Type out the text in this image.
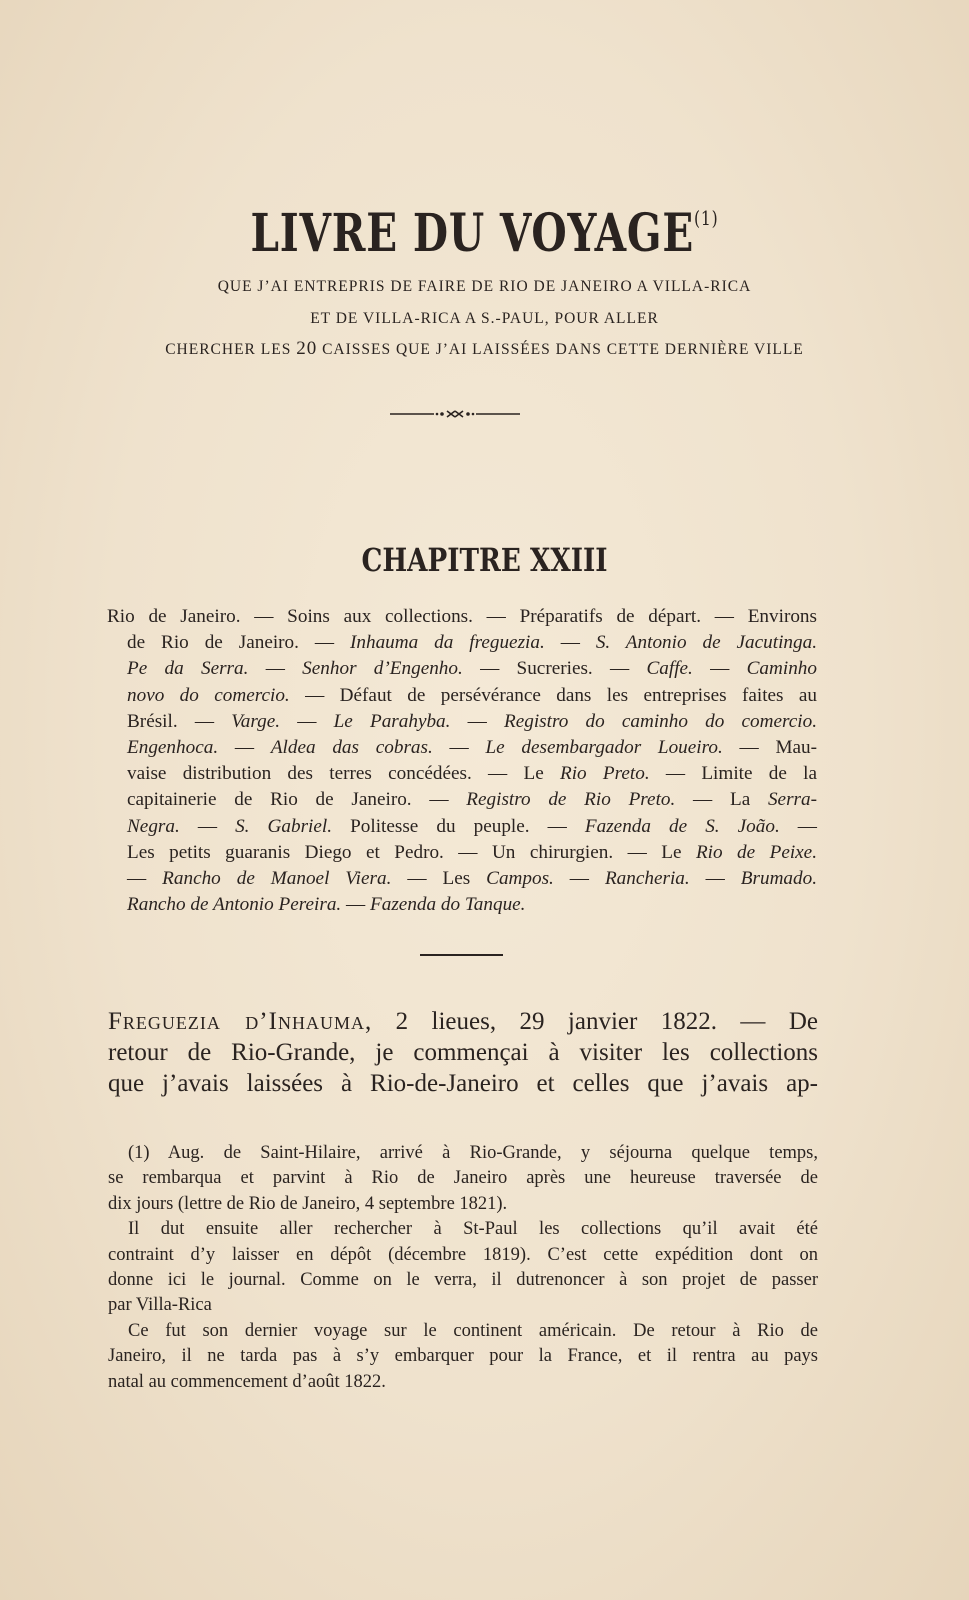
LIVRE DU VOYAGE$^{(1)}$

QUE J’AI ENTREPRIS DE FAIRE DE RIO DE JANEIRO A VILLA-RICA

ET DE VILLA-RICA A S.-PAUL, POUR ALLER

CHERCHER LES 20 CAISSES QUE J’AI LAISSÉES DANS CETTE DERNIÈRE VILLE

CHAPITRE XXIII
Rio de Janeiro. — Soins aux collections. — Préparatifs de départ. — Environs
de Rio de Janeiro. — Inhauma da freguezia. — S. Antonio de Jacutinga.
Pe da Serra. — Senhor d’Engenho. — Sucreries. — Caffe. — Caminho
novo do comercio. — Défaut de persévérance dans les entreprises faites au
Brésil. — Varge. — Le Parahyba. — Registro do caminho do comercio.
Engenhoca. — Aldea das cobras. — Le desembargador Loueiro. — Mau-
vaise distribution des terres concédées. — Le Rio Preto. — Limite de la
capitainerie de Rio de Janeiro. — Registro de Rio Preto. — La Serra-
Negra. — S. Gabriel. Politesse du peuple. — Fazenda de S. João. —
Les petits guaranis Diego et Pedro. — Un chirurgien. — Le Rio de Peixe.
— Rancho de Manoel Viera. — Les Campos. — Rancheria. — Brumado.
Rancho de Antonio Pereira. — Fazenda do Tanque.
Freguezia d’Inhauma, 2 lieues, 29 janvier 1822. — De
retour de Rio-Grande, je commençai à visiter les collections
que j’avais laissées à Rio-de-Janeiro et celles que j’avais ap-
(1) Aug. de Saint-Hilaire, arrivé à Rio-Grande, y séjourna quelque temps,
se rembarqua et parvint à Rio de Janeiro après une heureuse traversée de
dix jours (lettre de Rio de Janeiro, 4 septembre 1821).
Il dut ensuite aller rechercher à St-Paul les collections qu’il avait été
contraint d’y laisser en dépôt (décembre 1819). C’est cette expédition dont on
donne ici le journal. Comme on le verra, il dutrenoncer à son projet de passer
par Villa-Rica
Ce fut son dernier voyage sur le continent américain. De retour à Rio de
Janeiro, il ne tarda pas à s’y embarquer pour la France, et il rentra au pays
natal au commencement d’août 1822.
